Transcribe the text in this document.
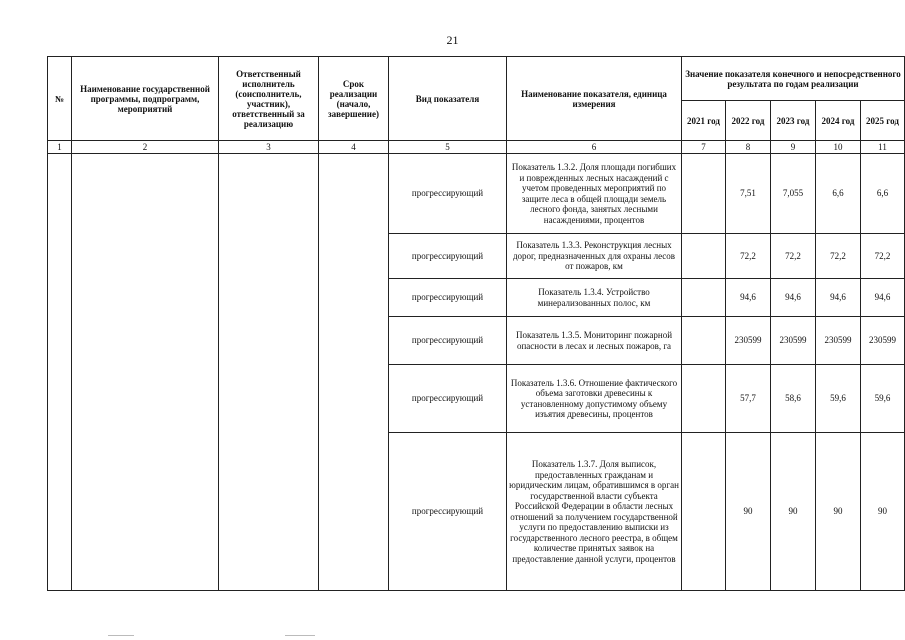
21
№	Наименование государственной программы, подпрограмм, мероприятий	Ответственный исполнитель (соисполнитель, участник), ответственный за реализацию	Срок реализации (начало, завершение)	Вид показателя	Наименование показателя, единица измерения	Значение показателя конечного и непосредственного результата по годам реализации				
						2021 год	2022 год	2023 год	2024 год	2025 год
1	2	3	4	5	6	7	8	9	10	11
				прогрессирующий	Показатель 1.3.2. Доля площади погибших и поврежденных лесных насаждений с учетом проведенных мероприятий по защите леса в общей площади земель лесного фонда, занятых лесными насаждениями, процентов		7,51	7,055	6,6	6,6
				прогрессирующий	Показатель 1.3.3. Реконструкция лесных дорог, предназначенных для охраны лесов от пожаров, км		72,2	72,2	72,2	72,2
				прогрессирующий	Показатель 1.3.4. Устройство минерализованных полос, км		94,6	94,6	94,6	94,6
				прогрессирующий	Показатель 1.3.5. Мониторинг пожарной опасности в лесах и лесных пожаров, га		230599	230599	230599	230599
				прогрессирующий	Показатель 1.3.6. Отношение фактического объема заготовки древесины к установленному допустимому объему изъятия древесины, процентов		57,7	58,6	59,6	59,6
				прогрессирующий	Показатель 1.3.7. Доля выписок, предоставленных гражданам и юридическим лицам, обратившимся в орган государственной власти субъекта Российской Федерации в области лесных отношений за получением государственной услуги по предоставлению выписки из государственного лесного реестра, в общем количестве принятых заявок на предоставление данной услуги, процентов		90	90	90	90
